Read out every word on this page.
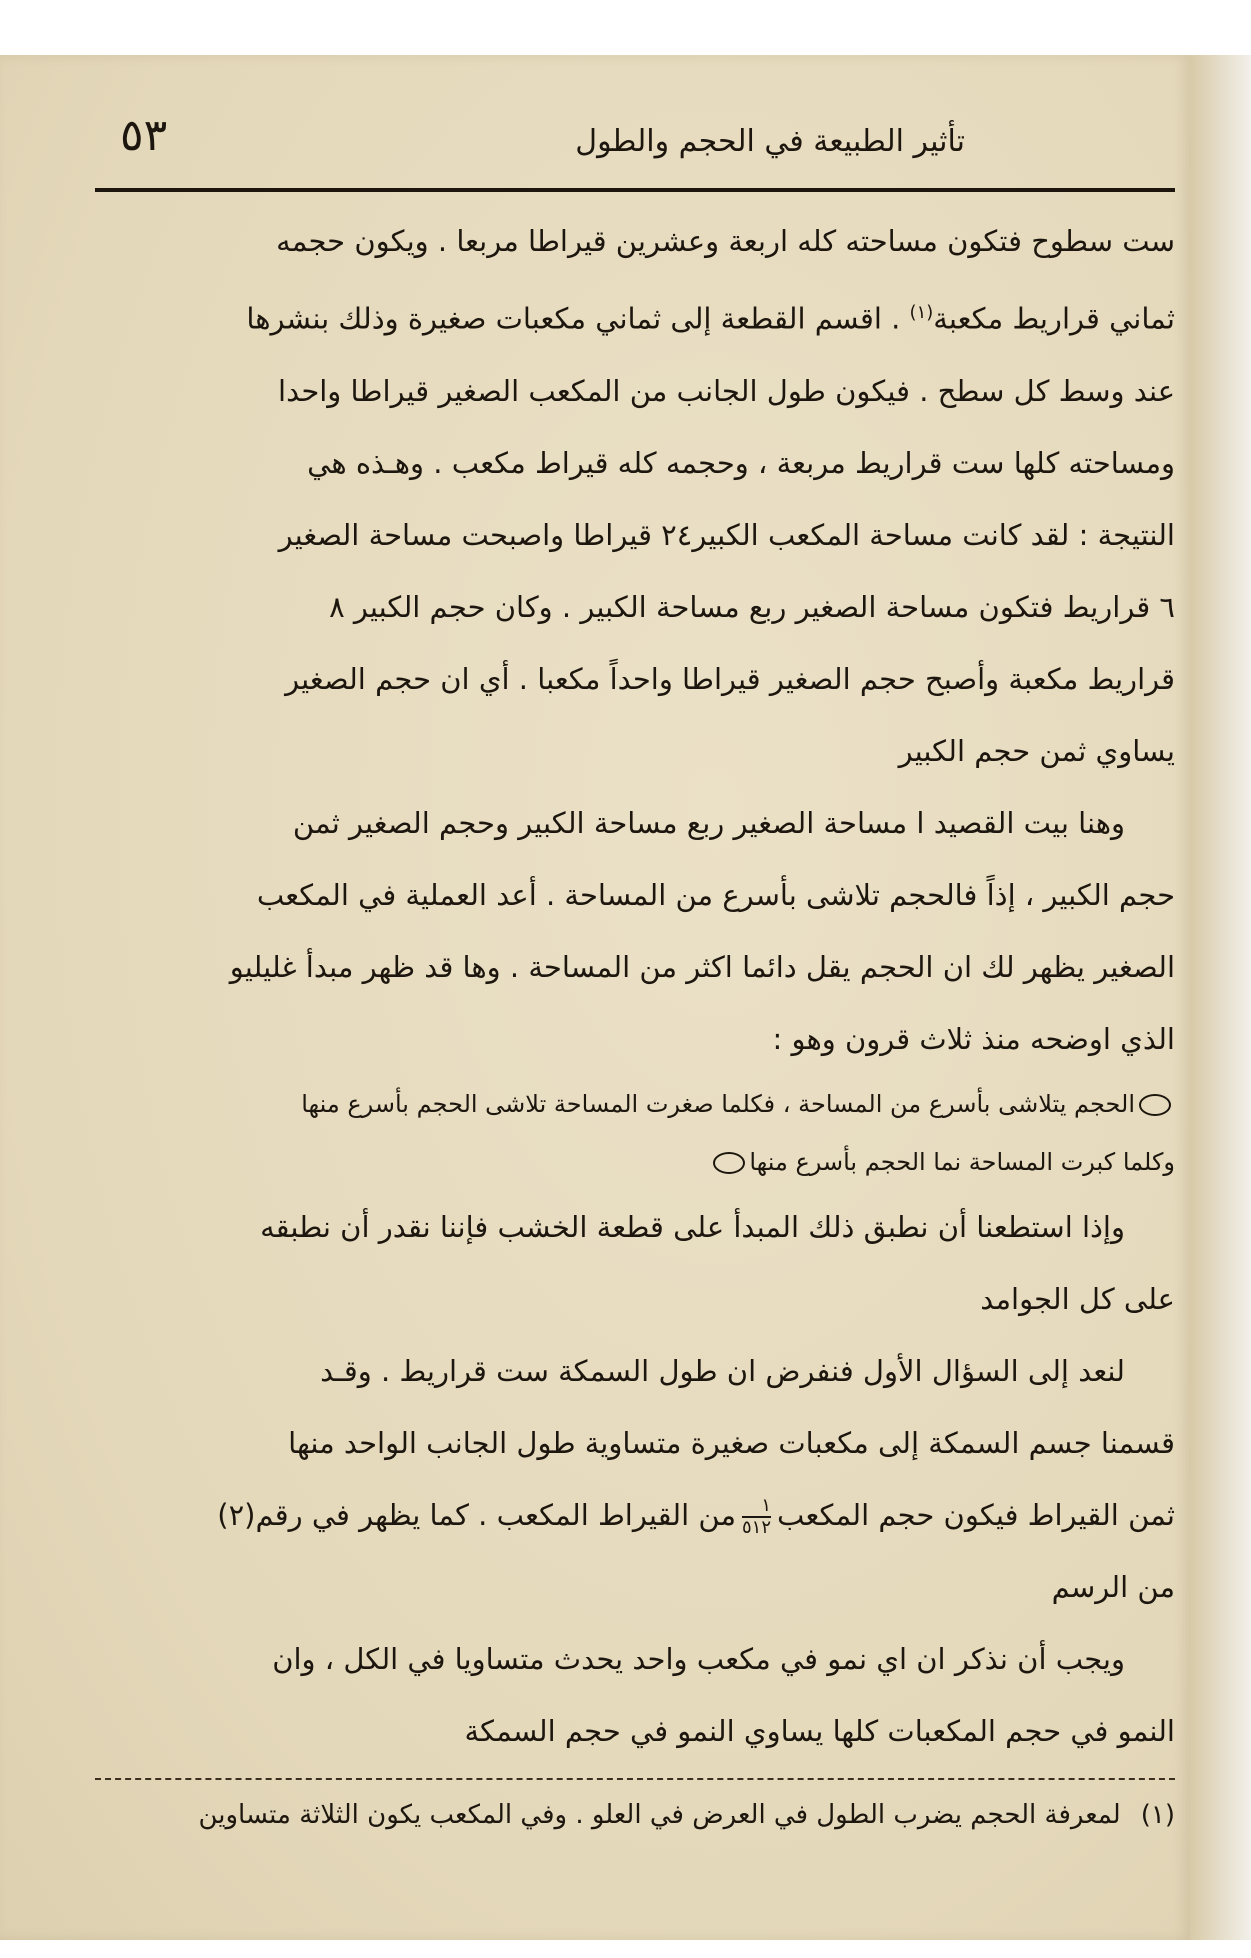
٥٣	تأثير الطبيعة في الحجم والطول

ست سطوح فتكون مساحته كله اربعة وعشرين قيراطا مربعا . ويكون حجمه

ثماني قراريط مكعبة$^{(١)}$ . اقسم القطعة إلى ثماني مكعبات صغيرة وذلك بنشرها

عند وسط كل سطح . فيكون طول الجانب من المكعب الصغير قيراطا واحدا

ومساحته كلها ست قراريط مربعة ، وحجمه كله قيراط مكعب . وهـذه هي

النتيجة : لقد كانت مساحة المكعب الكبير٢٤ قيراطا واصبحت مساحة الصغير

٦ قراريط فتكون مساحة الصغير ربع مساحة الكبير . وكان حجم الكبير ٨

قراريط مكعبة وأصبح حجم الصغير قيراطا واحداً مكعبا . أي ان حجم الصغير

يساوي ثمن حجم الكبير

وهنا بيت القصيد ا مساحة الصغير ربع مساحة الكبير وحجم الصغير ثمن

حجم الكبير ، إذاً فالحجم تلاشى بأسرع من المساحة . أعد العملية في المكعب

الصغير يظهر لك ان الحجم يقل دائما اكثر من المساحة . وها قد ظهر مبدأ غليليو

الذي اوضحه منذ ثلاث قرون وهو :

الحجم يتلاشى بأسرع من المساحة ، فكلما صغرت المساحة تلاشى الحجم بأسرع منها

وكلما كبرت المساحة نما الحجم بأسرع منها

وإذا استطعنا أن نطبق ذلك المبدأ على قطعة الخشب فإننا نقدر أن نطبقه

على كل الجوامد

لنعد إلى السؤال الأول فنفرض ان طول السمكة ست قراريط . وقـد

قسمنا جسم السمكة إلى مكعبات صغيرة متساوية طول الجانب الواحد منها

ثمن القيراط فيكون حجم المكعب
$\frac{١}{٥١٢}$
من القيراط المكعب . كما يظهر في رقم(٢)

من الرسم

ويجب أن نذكر ان اي نمو في مكعب واحد يحدث متساويا في الكل ، وان

النمو في حجم المكعبات كلها يساوي النمو في حجم السمكة

(١)لمعرفة الحجم يضرب الطول في العرض في العلو . وفي المكعب يكون الثلاثة متساوين
